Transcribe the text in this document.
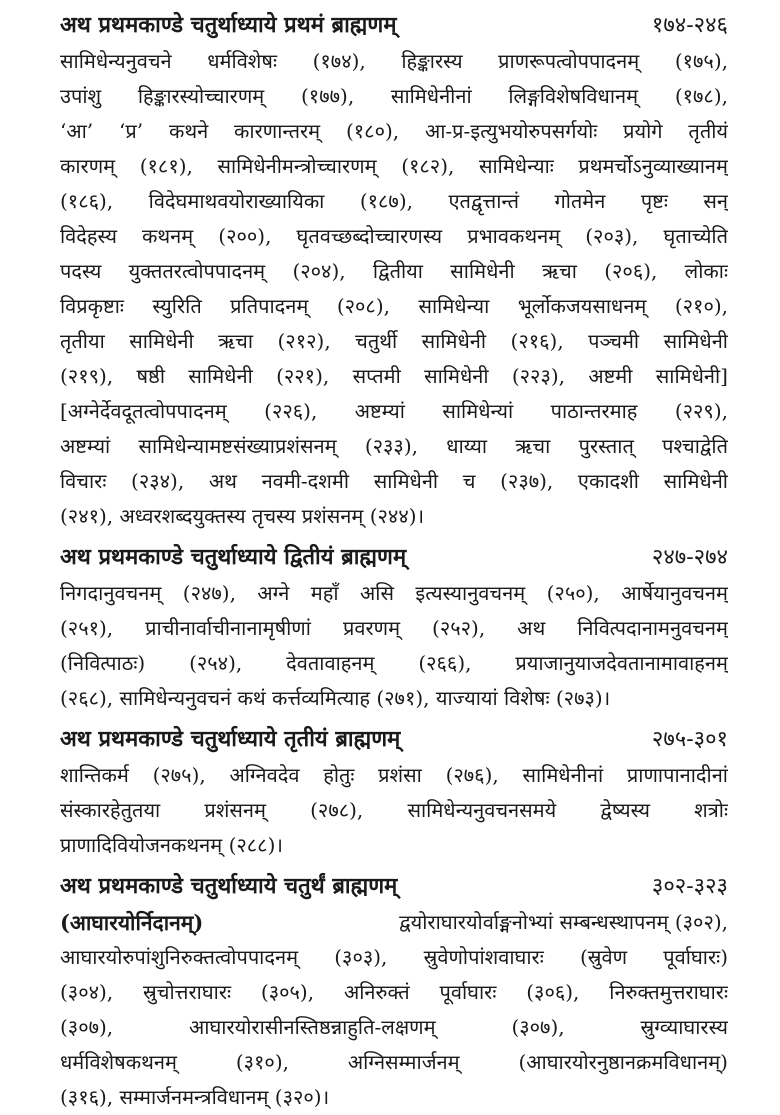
अथ प्रथमकाण्डे चतुर्थाध्याये प्रथमं ब्राह्मणम्	१७४-२४६
सामिधेन्यनुवचने धर्मविशेषः (१७४), हिङ्कारस्य प्राणरूपत्वोपपादनम् (१७५),
उपांशु हिङ्कारस्योच्चारणम् (१७७), सामिधेनीनां लिङ्गविशेषविधानम् (१७८),
‘आ’ ‘प्र’ कथने कारणान्तरम् (१८०), आ-प्र-इत्युभयोरुपसर्गयोः प्रयोगे तृतीयं
कारणम् (१८१), सामिधेनीमन्त्रोच्चारणम् (१८२), सामिधेन्याः प्रथमर्चोऽनुव्याख्यानम्
(१८६), विदेघमाथवयोराख्यायिका (१८७), एतद्वृत्तान्तं गोतमेन पृष्टः सन्
विदेहस्य कथनम् (२००), घृतवच्छब्दोच्चारणस्य प्रभावकथनम् (२०३), घृताच्येति
पदस्य युक्ततरत्वोपपादनम् (२०४), द्वितीया सामिधेनी ऋचा (२०६), लोकाः
विप्रकृष्टाः स्युरिति प्रतिपादनम् (२०८), सामिधेन्या भूर्लोकजयसाधनम् (२१०),
तृतीया सामिधेनी ऋचा (२१२), चतुर्थी सामिधेनी (२१६), पञ्चमी सामिधेनी
(२१९), षष्ठी सामिधेनी (२२१), सप्तमी सामिधेनी (२२३), अष्टमी सामिधेनी]
[अग्नेर्देवदूतत्वोपपादनम् (२२६), अष्टम्यां सामिधेन्यां पाठान्तरमाह (२२९),
अष्टम्यां सामिधेन्यामष्टसंख्याप्रशंसनम् (२३३), धाय्या ऋचा पुरस्तात् पश्चाद्वेति
विचारः (२३४), अथ नवमी-दशमी सामिधेनी च (२३७), एकादशी सामिधेनी
(२४१), अध्वरशब्दयुक्तस्य तृचस्य प्रशंसनम् (२४४)।
अथ प्रथमकाण्डे चतुर्थाध्याये द्वितीयं ब्राह्मणम्	२४७-२७४
निगदानुवचनम् (२४७), अग्ने महाँ असि इत्यस्यानुवचनम् (२५०), आर्षेयानुवचनम्
(२५१), प्राचीनार्वाचीनानामृषीणां प्रवरणम् (२५२), अथ निवित्पदानामनुवचनम्
(निवित्पाठः) (२५४), देवतावाहनम् (२६६), प्रयाजानुयाजदेवतानामावाहनम्
(२६८), सामिधेन्यनुवचनं कथं कर्त्तव्यमित्याह (२७१), याज्यायां विशेषः (२७३)।
अथ प्रथमकाण्डे चतुर्थाध्याये तृतीयं ब्राह्मणम्	२७५-३०१
शान्तिकर्म (२७५), अग्निवदेव होतुः प्रशंसा (२७६), सामिधेनीनां प्राणापानादीनां
संस्कारहेतुतया प्रशंसनम् (२७८), सामिधेन्यनुवचनसमये द्वेष्यस्य शत्रोः
प्राणादिवियोजनकथनम् (२८८)।
अथ प्रथमकाण्डे चतुर्थाध्याये चतुर्थं ब्राह्मणम्	३०२-३२३
(आघारयोर्निदानम्)	द्वयोराघारयोर्वाङ्मनोभ्यां सम्बन्धस्थापनम् (३०२),
आघारयोरुपांशुनिरुक्तत्वोपपादनम् (३०३), स्रुवेणोपांशवाघारः (स्रुवेण पूर्वाघारः)
(३०४), स्रुचोत्तराघारः (३०५), अनिरुक्तं पूर्वाघारः (३०६), निरुक्तमुत्तराघारः
(३०७), आघारयोरासीनस्तिष्ठन्नाहुति-लक्षणम् (३०७), स्रुग्व्याघारस्य
धर्मविशेषकथनम् (३१०), अग्निसम्मार्जनम् (आघारयोरनुष्ठानक्रमविधानम्)
(३१६), सम्मार्जनमन्त्रविधानम् (३२०)।
